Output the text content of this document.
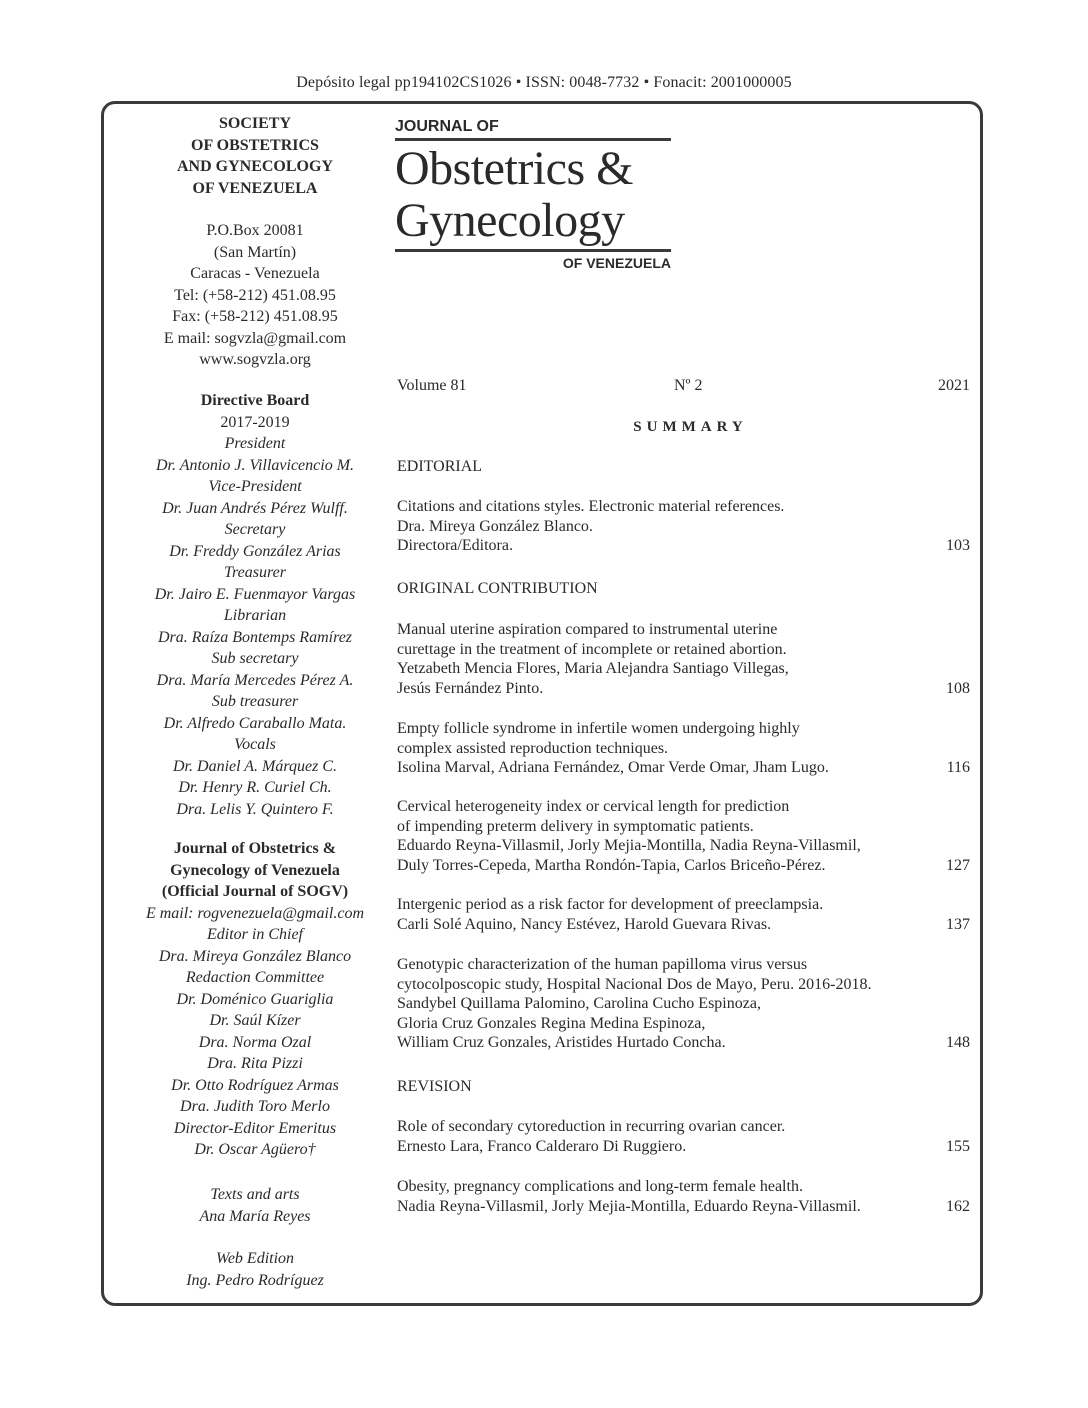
Depósito legal pp194102CS1026 • ISSN: 0048-7732 • Fonacit: 2001000005
SOCIETY
OF OBSTETRICS
AND GYNECOLOGY
OF VENEZUELA
P.O.Box 20081
(San Martín)
Caracas - Venezuela
Tel: (+58-212) 451.08.95
Fax: (+58-212) 451.08.95
E mail: sogvzla@gmail.com
www.sogvzla.org
Directive Board
2017-2019
President
Dr. Antonio J. Villavicencio M.
Vice-President
Dr. Juan Andrés Pérez Wulff.
Secretary
Dr. Freddy González Arias
Treasurer
Dr. Jairo E. Fuenmayor Vargas
Librarian
Dra. Raíza Bontemps Ramírez
Sub secretary
Dra. María Mercedes Pérez A.
Sub treasurer
Dr. Alfredo Caraballo Mata.
Vocals
Dr. Daniel A. Márquez C.
Dr. Henry R. Curiel Ch.
Dra. Lelis Y. Quintero F.
Journal of Obstetrics &
Gynecology of Venezuela
(Official Journal of SOGV)
E mail: rogvenezuela@gmail.com
Editor in Chief
Dra. Mireya González Blanco
Redaction Committee
Dr. Doménico Guariglia
Dr. Saúl Kízer
Dra. Norma Ozal
Dra. Rita Pizzi
Dr. Otto Rodríguez Armas
Dra. Judith Toro Merlo
Director-Editor Emeritus
Dr. Oscar Agüero†
Texts and arts
Ana María Reyes
Web Edition
Ing. Pedro Rodríguez
JOURNAL OF
Obstetrics &
Gynecology
OF VENEZUELA
Volume 81	Nº 2	2021
SUMMARY
EDITORIAL
ORIGINAL CONTRIBUTION
REVISION
Citations and citations styles. Electronic material references.
Dra. Mireya González Blanco.
Directora/Editora.	103
Manual uterine aspiration compared to instrumental uterine
curettage in the treatment of incomplete or retained abortion.
Yetzabeth Mencia Flores, Maria Alejandra Santiago Villegas,
Jesús Fernández Pinto.	108
Empty follicle syndrome in infertile women undergoing highly
complex assisted reproduction techniques.
Isolina Marval, Adriana Fernández, Omar Verde Omar, Jham Lugo.	116
Cervical heterogeneity index or cervical length for prediction
of impending preterm delivery in symptomatic patients.
Eduardo Reyna-Villasmil, Jorly Mejia-Montilla, Nadia Reyna-Villasmil,
Duly Torres-Cepeda, Martha Rondón-Tapia, Carlos Briceño-Pérez.	127
Intergenic period as a risk factor for development of preeclampsia.
Carli Solé Aquino, Nancy Estévez, Harold Guevara Rivas.	137
Genotypic characterization of the human papilloma virus versus
cytocolposcopic study, Hospital Nacional Dos de Mayo, Peru. 2016-2018.
Sandybel Quillama Palomino, Carolina Cucho Espinoza,
Gloria Cruz Gonzales Regina Medina Espinoza,
William Cruz Gonzales, Aristides Hurtado Concha.	148
Role of secondary cytoreduction in recurring ovarian cancer.
Ernesto Lara, Franco Calderaro Di Ruggiero.	155
Obesity, pregnancy complications and long-term female health.
Nadia Reyna-Villasmil, Jorly Mejia-Montilla, Eduardo Reyna-Villasmil.	162
